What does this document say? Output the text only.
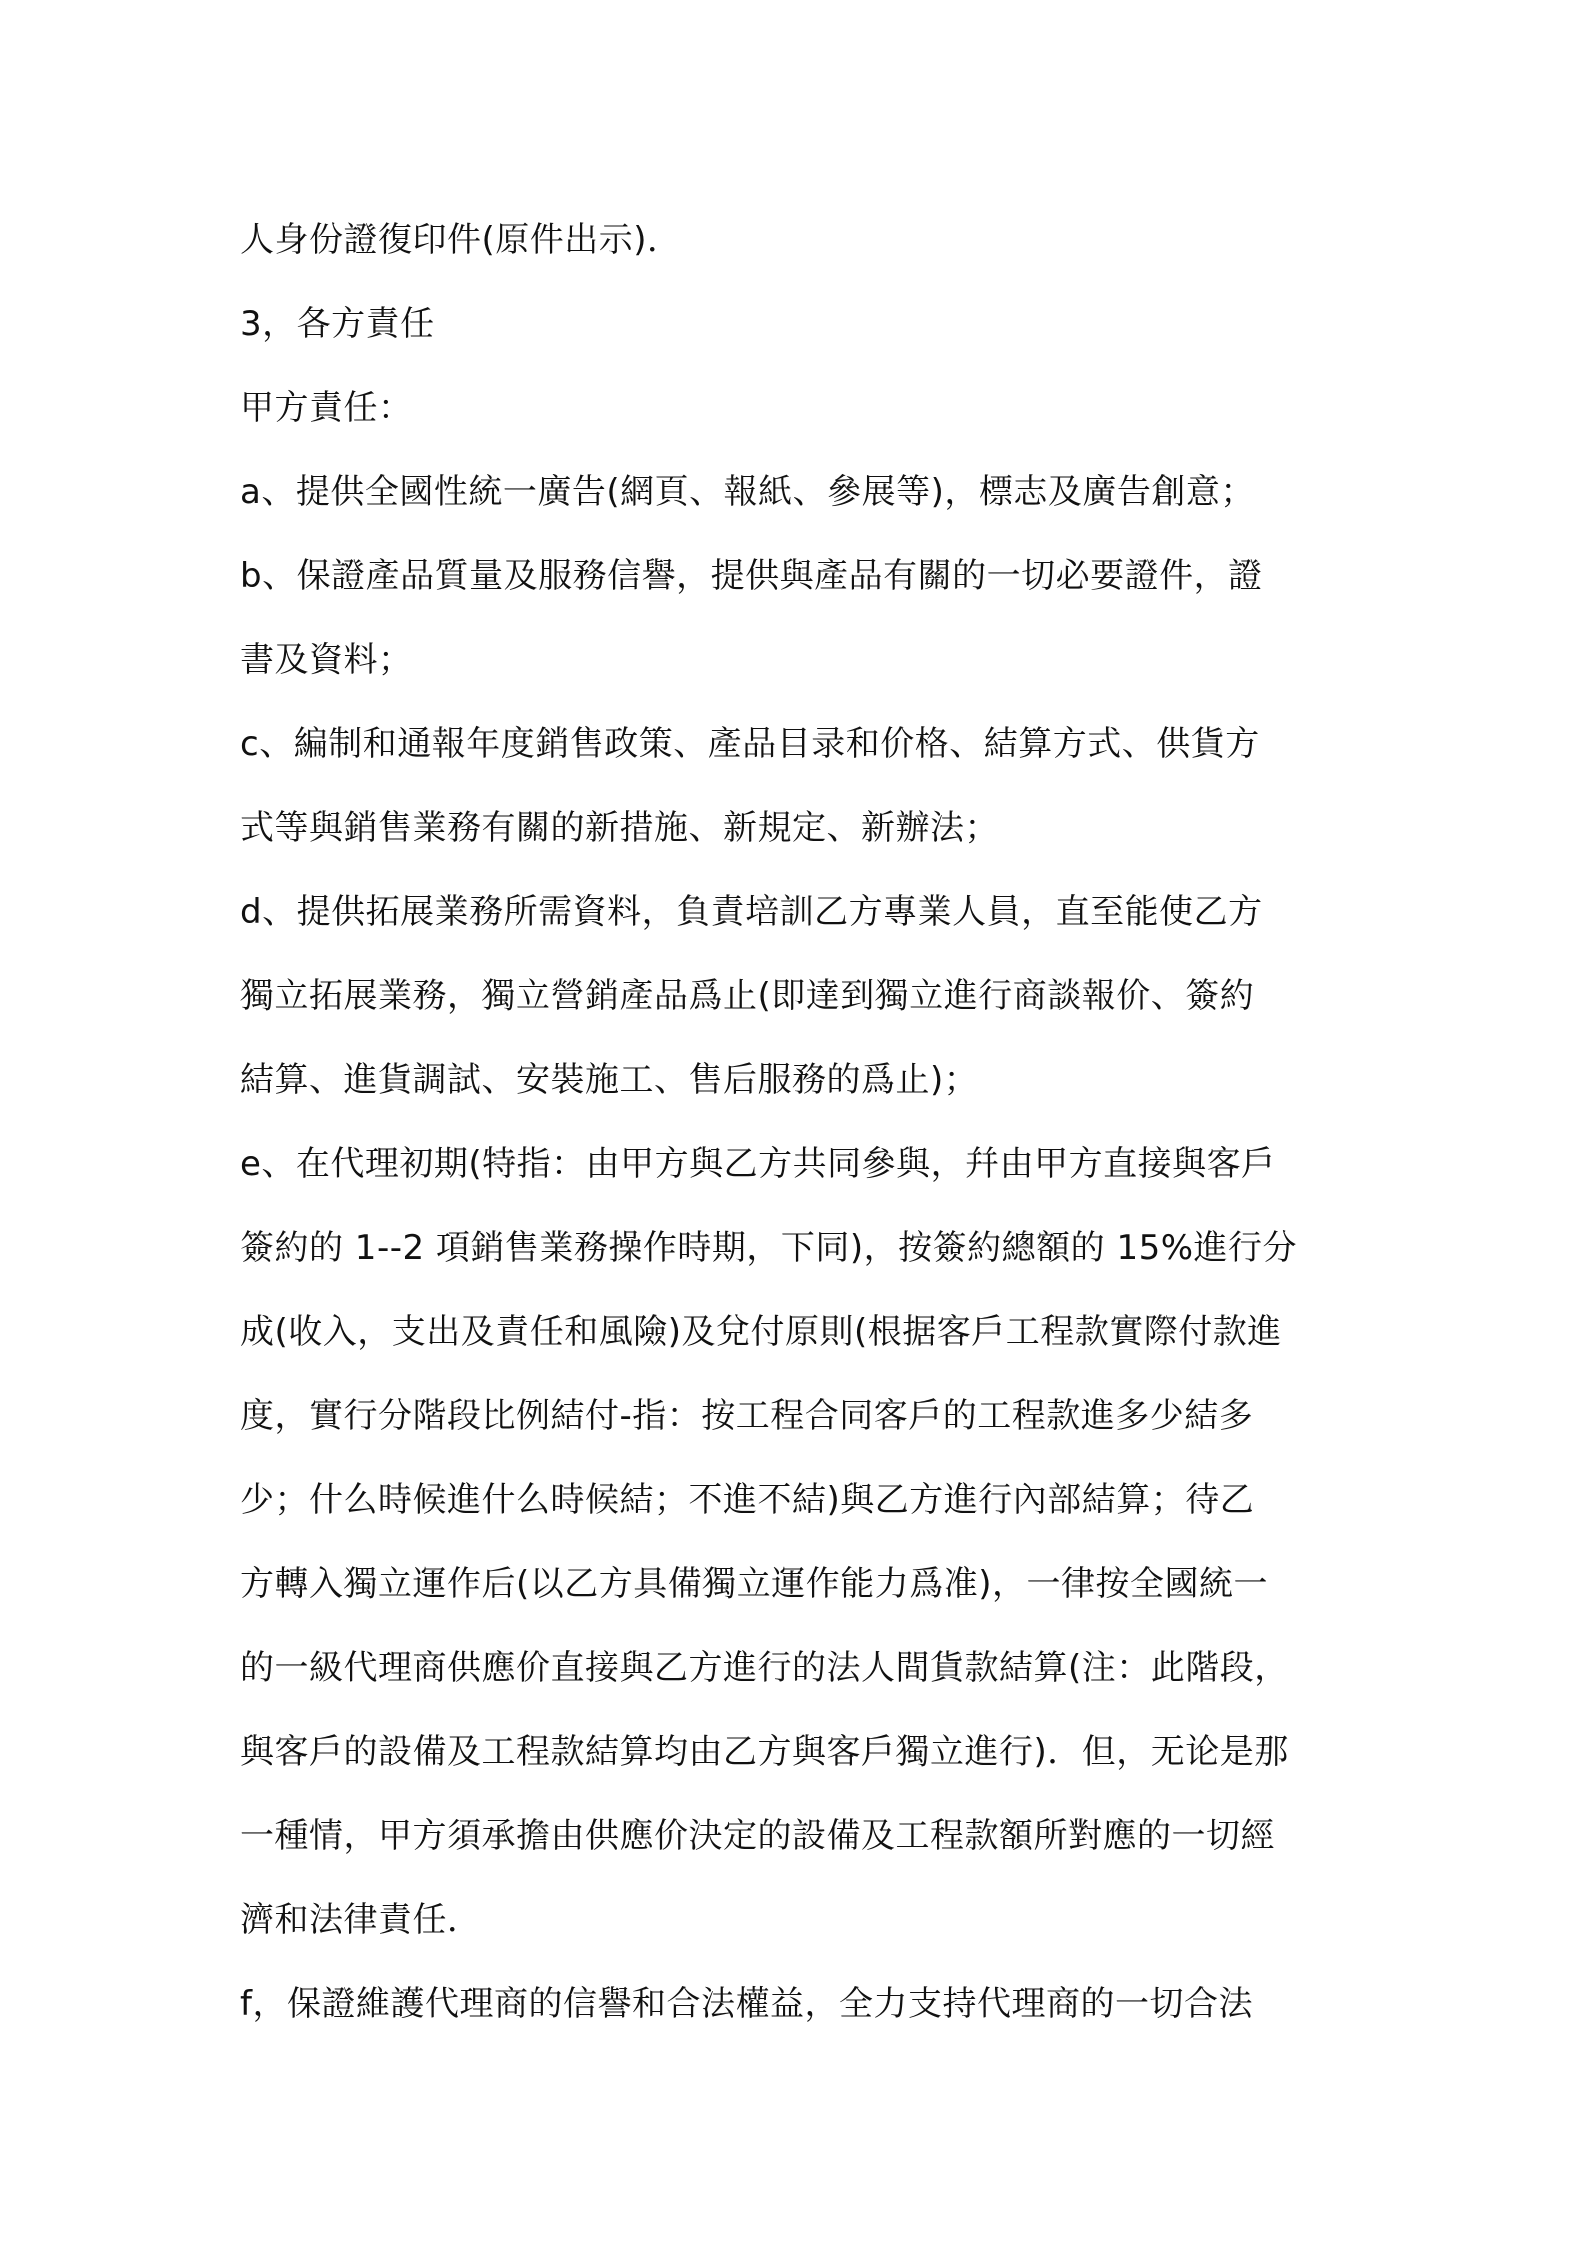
人身份證復印件(原件出示)．
3，各方責任
甲方責任：
a、提供全國性統一廣告(網頁、報紙、參展等)，標志及廣告創意；
b、保證產品質量及服務信譽，提供與產品有關的一切必要證件，證
書及資料；
c、編制和通報年度銷售政策、產品目录和价格、結算方式、供貨方
式等與銷售業務有關的新措施、新規定、新辦法；
d、提供拓展業務所需資料，負責培訓乙方專業人員，直至能使乙方
獨立拓展業務，獨立營銷產品爲止(即達到獨立進行商談報价、簽約
結算、進貨調試、安裝施工、售后服務的爲止)；
e、在代理初期(特指：由甲方與乙方共同參與，幷由甲方直接與客戶
簽約的 1--2 項銷售業務操作時期，下同)，按簽約總額的 15%進行分
成(收入，支出及責任和風險)及兌付原則(根据客戶工程款實際付款進
度，實行分階段比例結付-指：按工程合同客戶的工程款進多少結多
少；什么時候進什么時候結；不進不結)與乙方進行內部結算；待乙
方轉入獨立運作后(以乙方具備獨立運作能力爲准)，一律按全國統一
的一級代理商供應价直接與乙方進行的法人間貨款結算(注：此階段，
與客戶的設備及工程款結算均由乙方與客戶獨立進行)．但，无论是那
一種情，甲方須承擔由供應价決定的設備及工程款額所對應的一切經
濟和法律責任．
f，保證維護代理商的信譽和合法權益，全力支持代理商的一切合法
